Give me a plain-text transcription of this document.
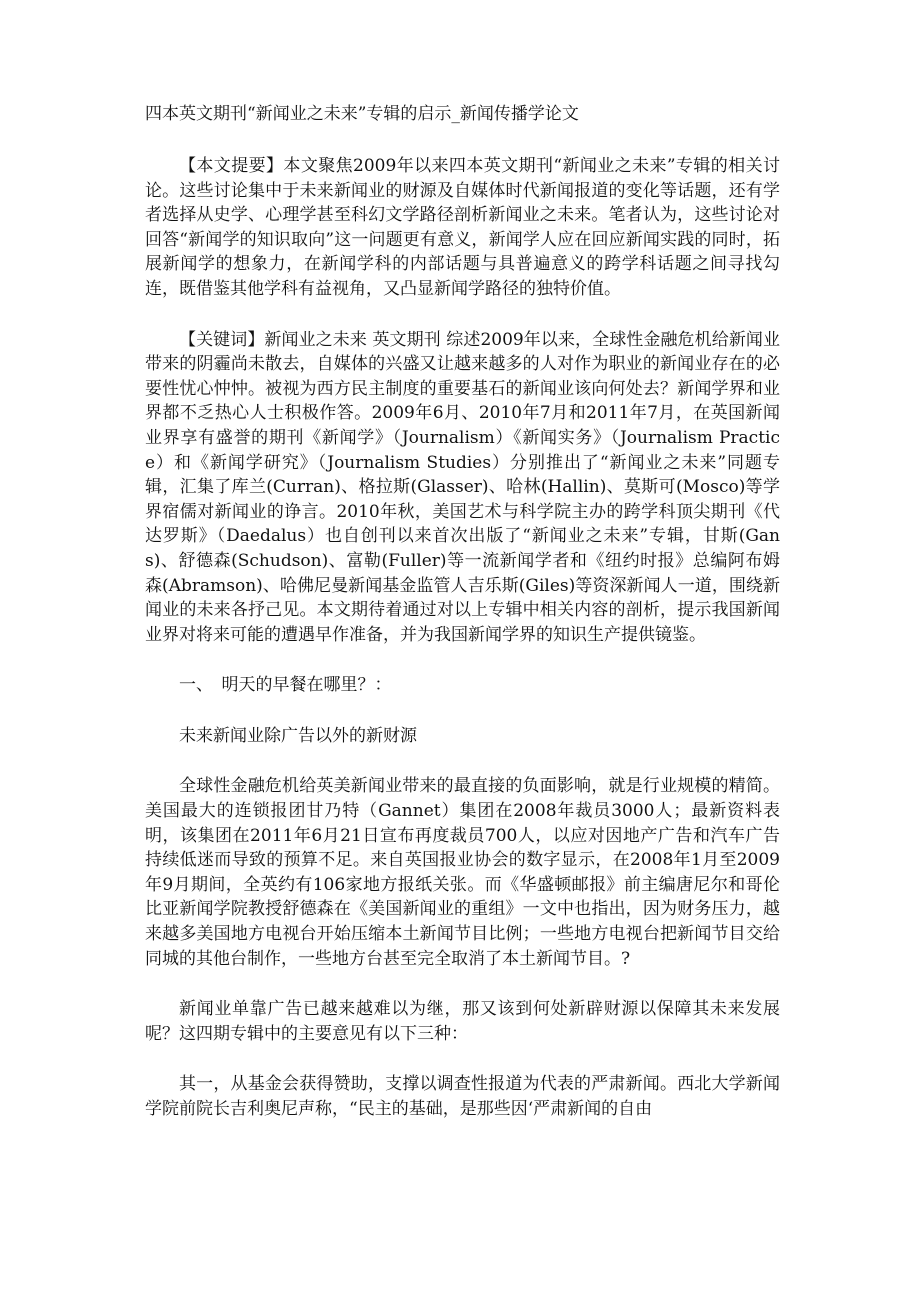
四本英文期刊“新闻业之未来”专辑的启示_新闻传播学论文

【本文提要】本文聚焦2009年以来四本英文期刊“新闻业之未来”专辑的相关讨论。这些讨论集中于未来新闻业的财源及自媒体时代新闻报道的变化等话题，还有学者选择从史学、心理学甚至科幻文学路径剖析新闻业之未来。笔者认为，这些讨论对回答“新闻学的知识取向”这一问题更有意义，新闻学人应在回应新闻实践的同时，拓展新闻学的想象力，在新闻学科的内部话题与具普遍意义的跨学科话题之间寻找勾连，既借鉴其他学科有益视角，又凸显新闻学路径的独特价值。

【关键词】新闻业之未来 英文期刊 综述2009年以来，全球性金融危机给新闻业带来的阴霾尚未散去，自媒体的兴盛又让越来越多的人对作为职业的新闻业存在的必要性忧心忡忡。被视为西方民主制度的重要基石的新闻业该向何处去？新闻学界和业界都不乏热心人士积极作答。2009年6月、2010年7月和2011年7月，在英国新闻业界享有盛誉的期刊《新闻学》（Journalism）《新闻实务》（Journalism Practice）和《新闻学研究》（Journalism Studies）分别推出了“新闻业之未来”同题专辑，汇集了库兰(Curran)、格拉斯(Glasser)、哈林(Hallin)、莫斯可(Mosco)等学界宿儒对新闻业的诤言。2010年秋，美国艺术与科学院主办的跨学科顶尖期刊《代达罗斯》（Daedalus）也自创刊以来首次出版了“新闻业之未来”专辑，甘斯(Gans)、舒德森(Schudson)、富勒(Fuller)等一流新闻学者和《纽约时报》总编阿布姆森(Abramson)、哈佛尼曼新闻基金监管人吉乐斯(Giles)等资深新闻人一道，围绕新闻业的未来各抒己见。本文期待着通过对以上专辑中相关内容的剖析，提示我国新闻业界对将来可能的遭遇早作准备，并为我国新闻学界的知识生产提供镜鉴。

一、　明天的早餐在哪里？：

未来新闻业除广告以外的新财源

全球性金融危机给英美新闻业带来的最直接的负面影响，就是行业规模的精简。美国最大的连锁报团甘乃特（Gannet）集团在2008年裁员3000人；最新资料表明，该集团在2011年6月21日宣布再度裁员700人，以应对因地产广告和汽车广告持续低迷而导致的预算不足。来自英国报业协会的数字显示，在2008年1月至2009年9月期间，全英约有106家地方报纸关张。而《华盛顿邮报》前主编唐尼尔和哥伦比亚新闻学院教授舒德森在《美国新闻业的重组》一文中也指出，因为财务压力，越来越多美国地方电视台开始压缩本土新闻节目比例；一些地方电视台把新闻节目交给同城的其他台制作，一些地方台甚至完全取消了本土新闻节目。?

新闻业单靠广告已越来越难以为继，那又该到何处新辟财源以保障其未来发展呢？这四期专辑中的主要意见有以下三种：

其一，从基金会获得赞助，支撑以调查性报道为代表的严肃新闻。西北大学新闻学院前院长吉利奥尼声称，“民主的基础，是那些因‘严肃新闻的自由
